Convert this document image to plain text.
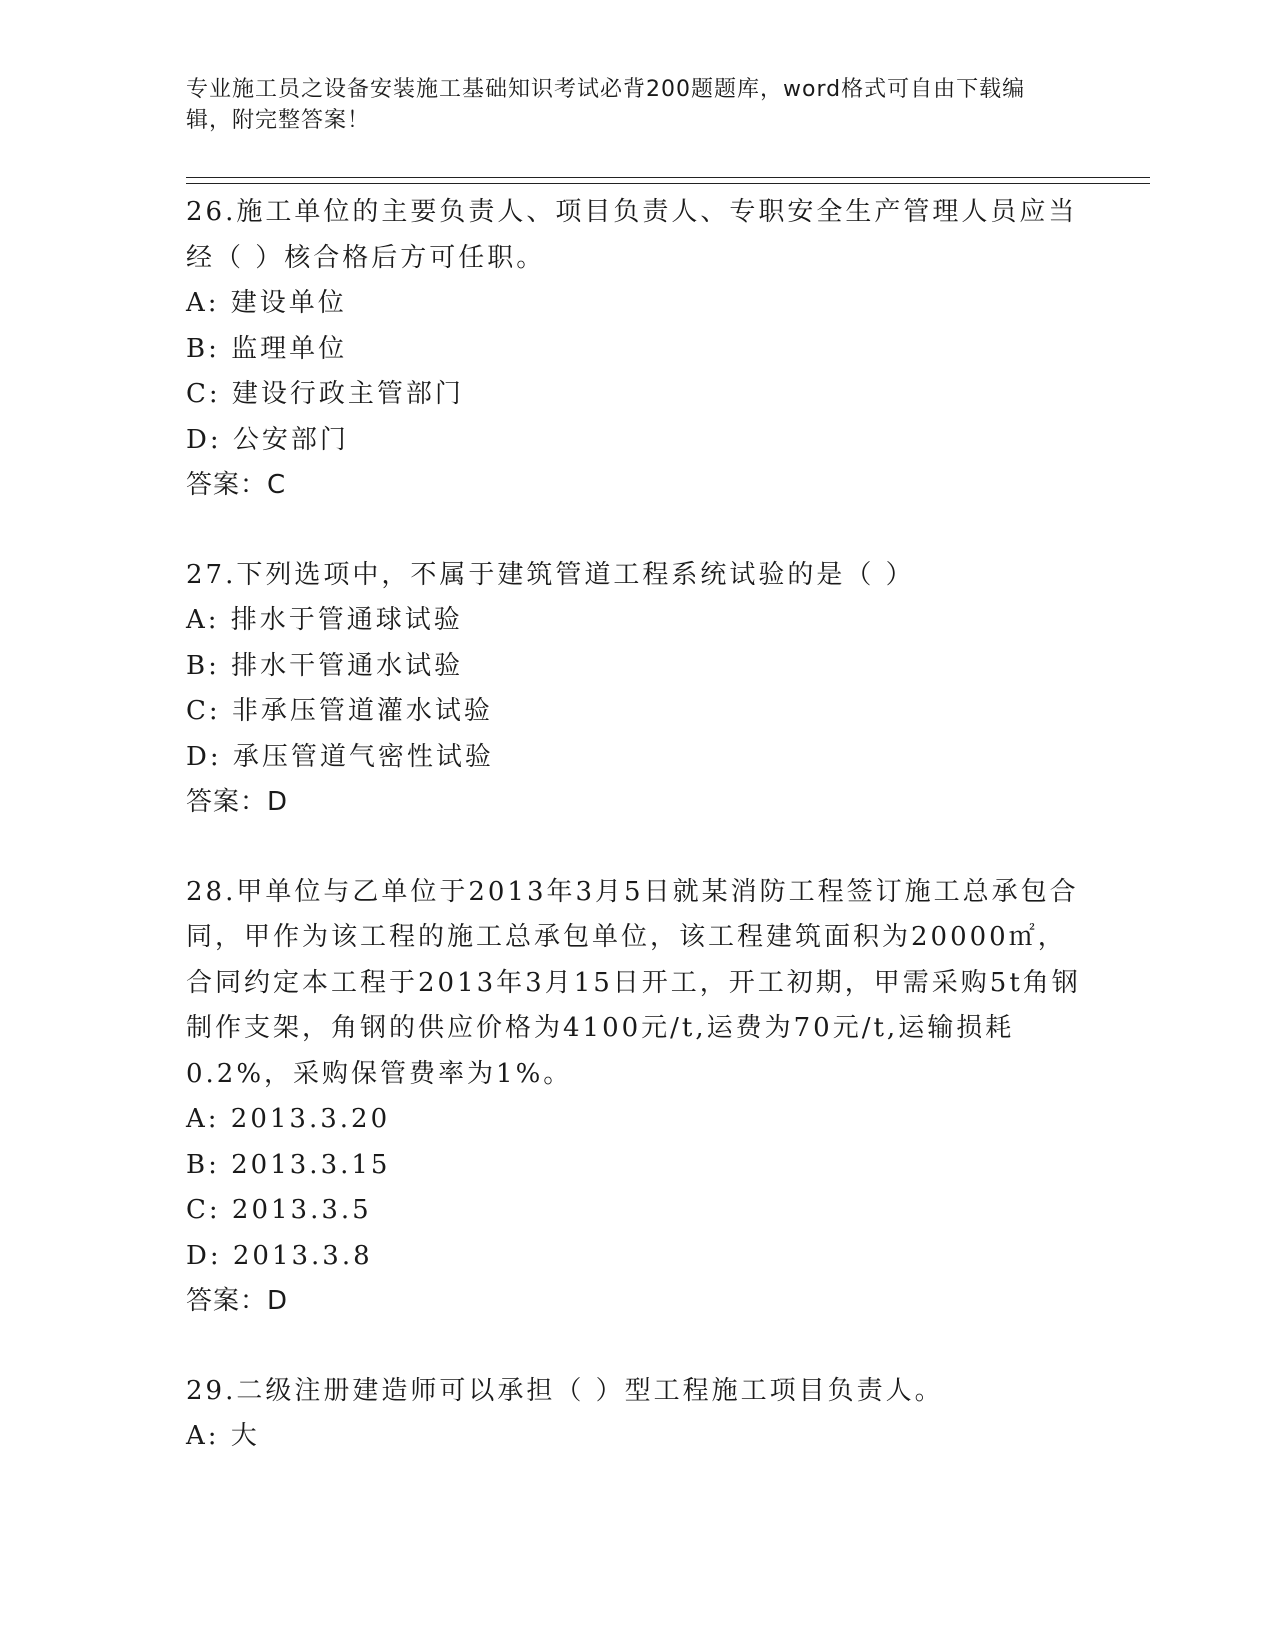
专业施工员之设备安装施工基础知识考试必背200题题库，word格式可自由下载编辑，附完整答案！

26.施工单位的主要负责人、项目负责人、专职安全生产管理人员应当经（ ）核合格后方可任职。

A: 建设单位

B: 监理单位

C: 建设行政主管部门

D: 公安部门

答案：C

27.下列选项中，不属于建筑管道工程系统试验的是（ ）

A: 排水于管通球试验

B: 排水干管通水试验

C: 非承压管道灌水试验

D: 承压管道气密性试验

答案：D

28.甲单位与乙单位于2013年3月5日就某消防工程签订施工总承包合同，甲作为该工程的施工总承包单位，该工程建筑面积为20000㎡，合同约定本工程于2013年3月15日开工，开工初期，甲需采购5t角钢制作支架，角钢的供应价格为4100元/t,运费为70元/t,运输损耗0.2%，采购保管费率为1%。

A: 2013.3.20

B: 2013.3.15

C: 2013.3.5

D: 2013.3.8

答案：D

29.二级注册建造师可以承担（ ）型工程施工项目负责人。

A: 大
